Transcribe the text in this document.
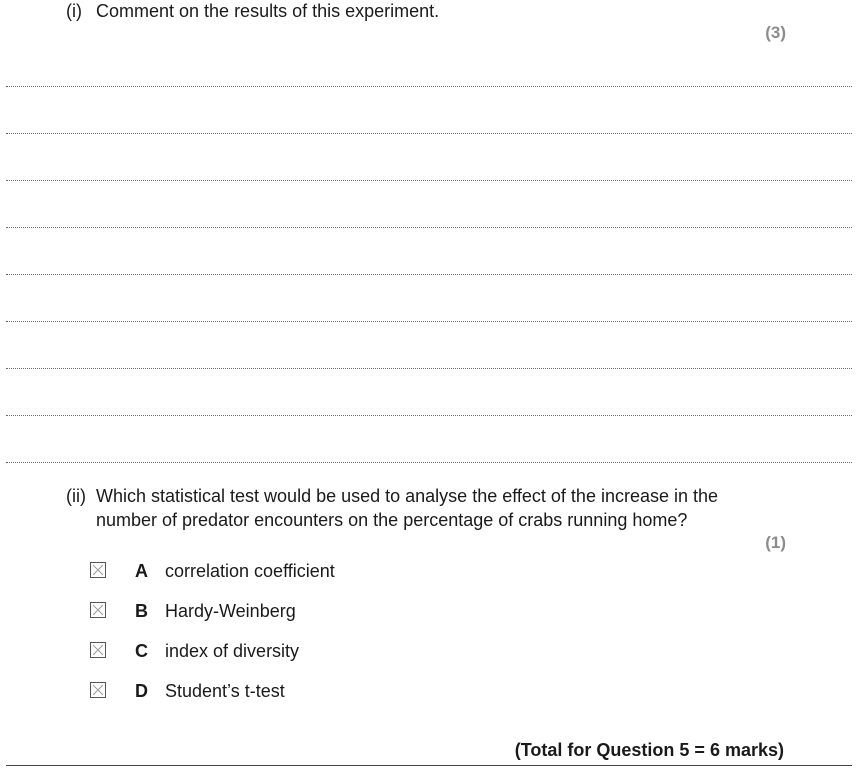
(i) Comment on the results of this experiment.
(3)
(ii) Which statistical test would be used to analyse the effect of the increase in the
number of predator encounters on the percentage of crabs running home?
(1)
A correlation coefficient
B Hardy-Weinberg
C index of diversity
D Student’s t-test
(Total for Question 5 = 6 marks)
